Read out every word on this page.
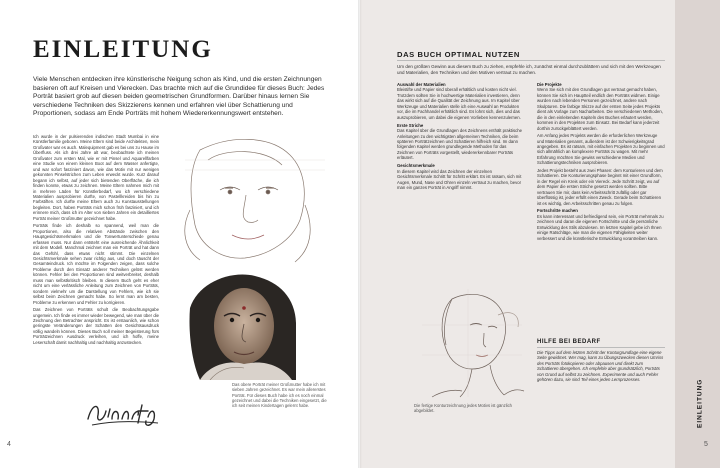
EINLEITUNG
Viele Menschen entdecken ihre künstlerische Neigung schon als Kind, und die ersten Zeichnungen basieren oft auf Kreisen und Vierecken. Das brachte mich auf die Grundidee für dieses Buch: Jedes Porträt basiert grob auf diesen beiden geometrischen Grundformen. Darüber hinaus lernen Sie verschiedene Techniken des Skizzierens kennen und erfahren viel über Schattierung und Proportionen, sodass am Ende Porträts mit hohem Wiedererkennungswert entstehen.

Ich wurde in der pulsierenden indischen Stadt Mumbai in eine Künstlerfamilie geboren. Meine Eltern sind beide Architekten, mein Großvater war es auch. Malequipment gab es bei uns zu Hause im Überfluss. Als ich drei Jahre alt war, beobachtete ich meinen Großvater zum ersten Mal, wie er mit Pinsel und Aquarellfarben eine Studie von einem kleinen Boot auf dem Wasser anfertigte, und war sofort fasziniert davon, wie das Motiv mit nur wenigen gekonnten Pinselstrichen zum Leben erweckt wurde. Kurz darauf begann ich selbst, auf jeder sich bietenden Oberfläche, die ich finden konnte, etwas zu zeichnen. Meine Eltern nahmen mich mit in mehrere Läden für Künstlerbedarf, wo ich verschiedene Materialien ausprobieren durfte, von Pastellkreiden bis hin zu Farbstiften. Ich durfte meine Eltern auch zu Kunstausstellungen begleiten. Dort, haben Porträts mich schon früh fasziniert, und ich erinnere mich, dass ich im Alter von sieben Jahren ein detailliertes Porträt meiner Großmutter gezeichnet habe.

Porträts finde ich deshalb so spannend, weil man die Proportionen, also die relativen Abstände zwischen den Hauptgesichtsmerkmalen und die Tonwertunterschiede genau erfassen muss. Nur dann entsteht eine ausreichende Ähnlichkeit mit dem Modell. Manchmal zeichnet man ein Porträt und hat dann das Gefühl, dass etwas nicht stimmt. Die einzelnen Gesichtsmerkmale sehen zwar richtig aus, und doch täuscht der Gesamteindruck. Ich möchte im Folgenden zeigen, dass solche Probleme durch den Einsatz anderer Techniken gelöst werden können. Fehler bei den Proportionen sind weitverbreitet, deshalb muss man selbstkritisch bleiben. In diesem Buch geht es eher nicht um eine verlässliche Anleitung zum Zeichnen von Porträts, sondern vielmehr um die Darstellung von Fehlern, wie ich sie selbst beim Zeichnen gemacht habe. So lernt man am besten, Probleme zu erkennen und Fehler zu korrigieren.

Das Zeichnen von Porträts schult die Beobachtungsgabe ungemein. Ich finde es immer wieder bewegend, wie man über die Zeichnung den Betrachter anspricht. Es ist erstaunlich, wie schon geringste Veränderungen der Schatten den Gesichtsausdruck völlig wandeln können. Dieses Buch soll meiner Begeisterung fürs Porträtzeichnen Ausdruck verleihen, und ich hoffe, meine Leserschaft damit nachhaltig und nachhaltig anzustecken.

Das obere Porträt meiner Großmutter habe ich mit sieben Jahren gezeichnet. Es war mein allererstes Porträt. Für dieses Buch habe ich es noch einmal gezeichnet und dabei die Techniken eingesetzt, die ich seit meinen Kindertagen gelernt habe.
4
DAS BUCH OPTIMAL NUTZEN
Um den größten Gewinn aus diesem Buch zu ziehen, empfehle ich, zunächst einmal durchzublättern und sich mit den Werkzeugen und Materialien, den Techniken und den Motiven vertraut zu machen.
Auswahl der Materialien

Bleistifte und Papier sind überall erhältlich und kosten nicht viel. Trotzdem sollten Sie in hochwertige Materialien investieren, denn das wirkt sich auf die Qualität der Zeichnung aus. Im Kapitel über Werkzeuge und Materialien stelle ich eine Auswahl an Produkten vor, die im Fachhandel erhältlich sind. Es lohnt sich, dies und das auszuprobieren, um dabei die eigenen Vorlieben kennenzulernen.

Erste Striche

Das Kapitel über die Grundlagen des Zeichnens enthält praktische Anleitungen zu den wichtigsten allgemeinen Techniken, die beim späteren Porträtzeichnen und Schattieren hilfreich sind. Im dann folgenden Kapitel werden grundlegende Methoden für das Zeichnen von Porträts vorgestellt, wiedererkennbarer Porträts erläutert.

Gesichtsmerkmale

In diesem Kapitel wird das Zeichnen der einzelnen Gesichtsmerkmale Schritt für Schritt erklärt. Es ist ratsam, sich mit Augen, Mund, Nase und Ohren einzeln vertraut zu machen, bevor man ein ganzes Porträt in Angriff nimmt.

Die Projekte

Wenn Sie sich mit den Grundlagen gut vertraut gemacht haben, können Sie sich im Hauptteil endlich den Porträts widmen. Einige wurden nach lebenden Personen gezeichnet, andere nach Skulpturen. Die farbige Skizze auf der ersten Seite jedes Projekts dient als Vorlage zum Nacharbeiten. Die verschiedenen Methoden, die in den einleitenden Kapiteln des Buches erläutert werden, kommen in den Projekten zum Einsatz. Bei Bedarf kann jederzeit dorthin zurückgeblättert werden.

Am Anfang jedes Projekts werden die erforderlichen Werkzeuge und Materialien genannt, außerdem ist der Schwierigkeitsgrad angegeben. Es ist ratsam, mit einfachen Projekten zu beginnen und sich allmählich an komplexere Porträts zu wagen. Mit mehr Erfahrung möchten Sie gewiss verschiedene Medien und Schattierungstechniken ausprobieren.

Jedes Projekt besteht aus zwei Phasen: dem Konturieren und dem Schattieren. Die Konturierungsphase beginnt mit einer Grundform, in der Regel ein Kreis oder ein Viereck. Jede Schritt zeigt, wo auf dem Papier die ersten Striche gesetzt werden sollten. Bitte vertrauen Sie mir, dass kein Arbeitsschritt zufällig oder gar überflüssig ist, jeder erfüllt einen Zweck. Gerade beim Schattieren ist es wichtig, den Arbeitsschritten genau zu folgen.

Fortschritte machen

Es kann interessant und befriedigend sein, ein Porträt mehrmals zu zeichnen und daran die eigenen Fortschritte und die persönliche Entwicklung des Stils abzulesen. Im letzten Kapitel gebe ich Ihnen einige Ratschläge, wie man die eigenen Fähigkeiten weiter verbessert und die künstlerische Entwicklung vorantreiben kann.

HILFE BEI BEDARF
Die Tipps auf dem letzten Schritt der Konturgrundlage eine eigene Seite gewidmet. Wer mag, kann zu Übungszwecken diesen Umriss des Porträts fotokopieren oder abpausen und direkt zum Schattieren übergehen. Ich empfehle aber grundsätzlich, Porträts von Grund auf selbst zu zeichnen. Experimente und auch Fehler gehören dazu, sie sind Teil eines jeden Lernprozesses.
Die fertige Konturzeichnung jedes Motivs ist gänzlich abgebildet.	EINLEITUNG
5
